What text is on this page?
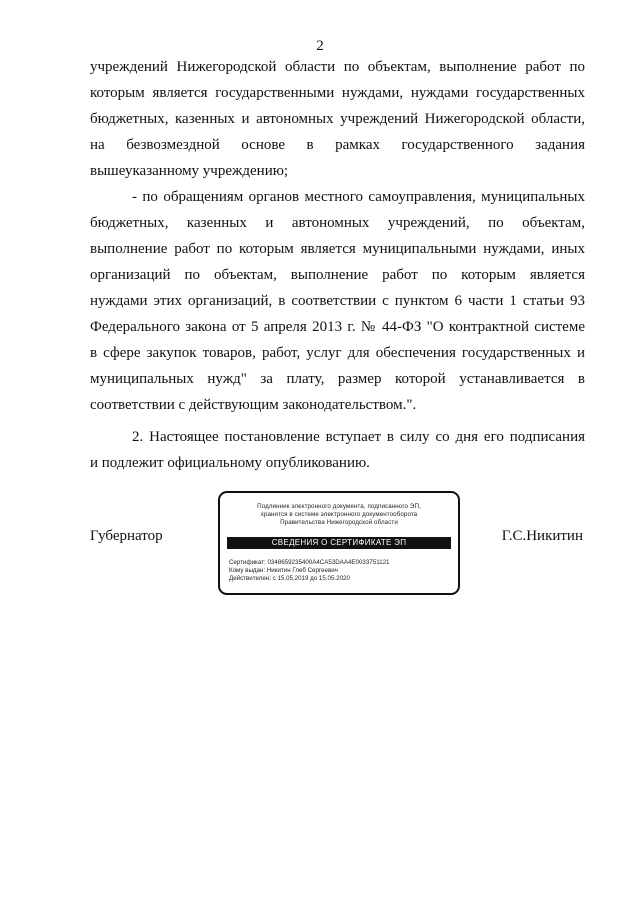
2
учреждений Нижегородской области по объектам, выполнение работ по
которым является государственными нуждами, нуждами государственных
бюджетных, казенных и автономных учреждений Нижегородской области,
на безвозмездной основе в рамках государственного задания
вышеуказанному учреждению;
- по обращениям органов местного самоуправления, муниципальных
бюджетных, казенных и автономных учреждений, по объектам,
выполнение работ по которым является муниципальными нуждами, иных
организаций по объектам, выполнение работ по которым является
нуждами этих организаций, в соответствии с пунктом 6 части 1 статьи 93
Федерального закона от 5 апреля 2013 г. № 44-ФЗ "О контрактной системе
в сфере закупок товаров, работ, услуг для обеспечения государственных и
муниципальных нужд" за плату, размер которой устанавливается в
соответствии с действующим законодательством.".
2. Настоящее постановление вступает в силу со дня его подписания
и подлежит официальному опубликованию.
Губернатор	Г.С.Никитин
Подлинник электронного документа, подписанного ЭП,
хранится в системе электронного документооборота
Правительства Нижегородской области
СВЕДЕНИЯ О СЕРТИФИКАТЕ ЭП
Сертификат: 0348659235400A4CA53DAA4E0033751121
Кому выдан: Никитин Глеб Сергеевич
Действителен: с 15.05.2019 до 15.05.2020
